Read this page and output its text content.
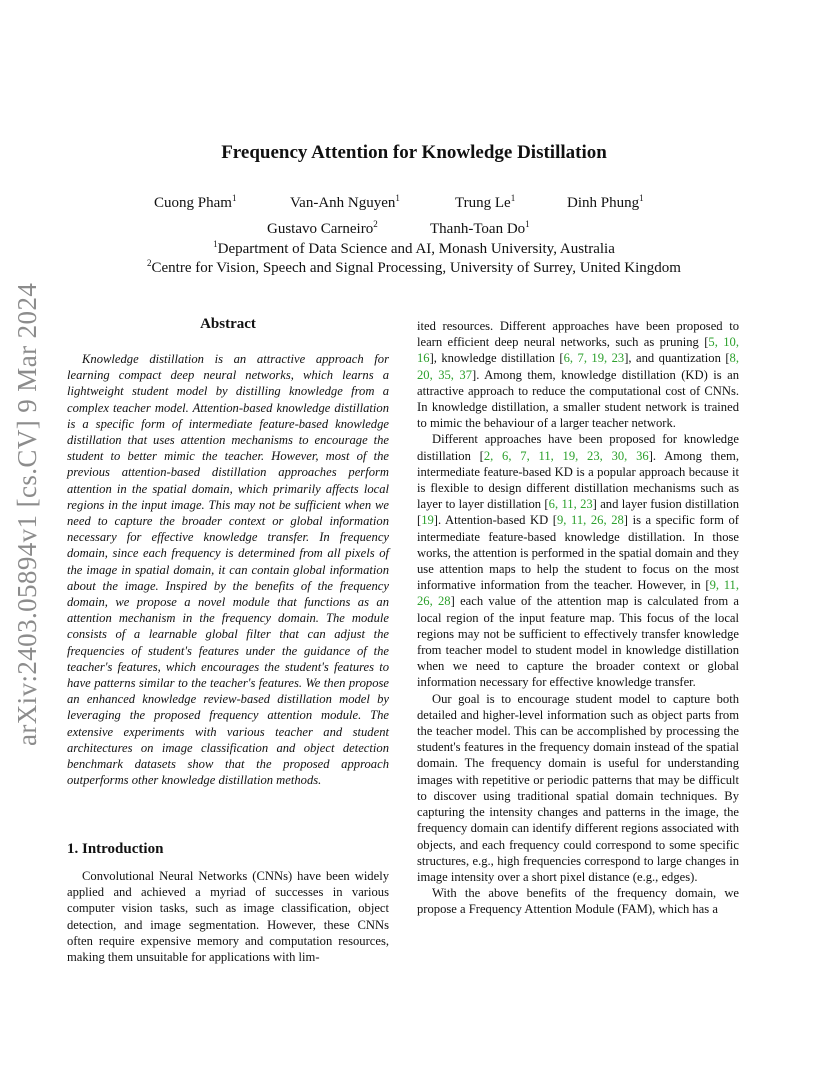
arXiv:2403.05894v1 [cs.CV] 9 Mar 2024
Frequency Attention for Knowledge Distillation
Cuong Pham$^1$	Van-Anh Nguyen$^1$	Trung Le$^1$	Dinh Phung$^1$
Gustavo Carneiro$^2$	Thanh-Toan Do$^1$
$^1$Department of Data Science and AI, Monash University, Australia
$^2$Centre for Vision, Speech and Signal Processing, University of Surrey, United Kingdom
Abstract

Knowledge distillation is an attractive approach for learning compact deep neural networks, which learns a lightweight student model by distilling knowledge from a complex teacher model. Attention-based knowledge distillation is a specific form of intermediate feature-based knowledge distillation that uses attention mechanisms to encourage the student to better mimic the teacher. However, most of the previous attention-based distillation approaches perform attention in the spatial domain, which primarily affects local regions in the input image. This may not be sufficient when we need to capture the broader context or global information necessary for effective knowledge transfer. In frequency domain, since each frequency is determined from all pixels of the image in spatial domain, it can contain global information about the image. Inspired by the benefits of the frequency domain, we propose a novel module that functions as an attention mechanism in the frequency domain. The module consists of a learnable global filter that can adjust the frequencies of student's features under the guidance of the teacher's features, which encourages the student's features to have patterns similar to the teacher's features. We then propose an enhanced knowledge review-based distillation model by leveraging the proposed frequency attention module. The extensive experiments with various teacher and student architectures on image classification and object detection benchmark datasets show that the proposed approach outperforms other knowledge distillation methods.

1. Introduction

Convolutional Neural Networks (CNNs) have been widely applied and achieved a myriad of successes in various computer vision tasks, such as image classification, object detection, and image segmentation. However, these CNNs often require expensive memory and computation resources, making them unsuitable for applications with lim-

ited resources. Different approaches have been proposed to learn efficient deep neural networks, such as pruning [5, 10, 16], knowledge distillation [6, 7, 19, 23], and quantization [8, 20, 35, 37]. Among them, knowledge distillation (KD) is an attractive approach to reduce the computational cost of CNNs. In knowledge distillation, a smaller student network is trained to mimic the behaviour of a larger teacher network.

Different approaches have been proposed for knowledge distillation [2, 6, 7, 11, 19, 23, 30, 36]. Among them, intermediate feature-based KD is a popular approach because it is flexible to design different distillation mechanisms such as layer to layer distillation [6, 11, 23] and layer fusion distillation [19]. Attention-based KD [9, 11, 26, 28] is a specific form of intermediate feature-based knowledge distillation. In those works, the attention is performed in the spatial domain and they use attention maps to help the student to focus on the most informative information from the teacher. However, in [9, 11, 26, 28] each value of the attention map is calculated from a local region of the input feature map. This focus of the local regions may not be sufficient to effectively transfer knowledge from teacher model to student model in knowledge distillation when we need to capture the broader context or global information necessary for effective knowledge transfer.

Our goal is to encourage student model to capture both detailed and higher-level information such as object parts from the teacher model. This can be accomplished by processing the student's features in the frequency domain instead of the spatial domain. The frequency domain is useful for understanding images with repetitive or periodic patterns that may be difficult to discover using traditional spatial domain techniques. By capturing the intensity changes and patterns in the image, the frequency domain can identify different regions associated with objects, and each frequency could correspond to some specific structures, e.g., high frequencies correspond to large changes in image intensity over a short pixel distance (e.g., edges).

With the above benefits of the frequency domain, we propose a Frequency Attention Module (FAM), which has a
